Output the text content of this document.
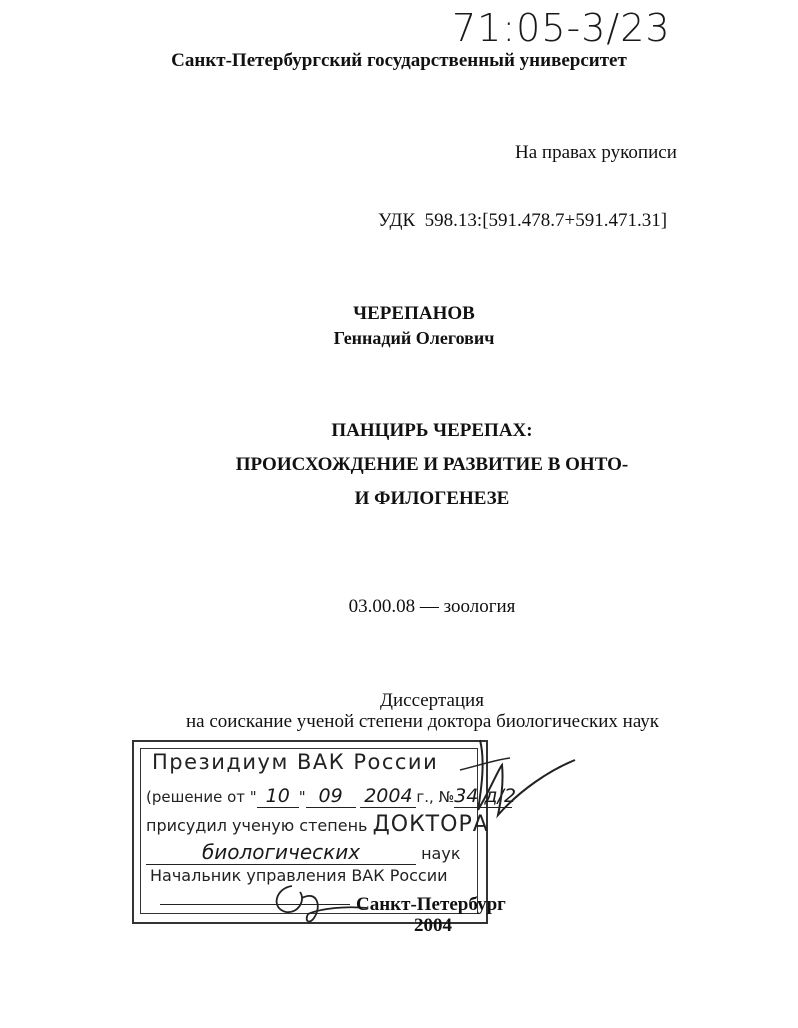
71:05-3/23
Санкт-Петербургский государственный университет
На правах рукописи
УДК  598.13:[591.478.7+591.471.31]
ЧЕРЕПАНОВ
Геннадий Олегович
ПАНЦИРЬ ЧЕРЕПАХ:
ПРОИСХОЖДЕНИЕ И РАЗВИТИЕ В ОНТО-
И ФИЛОГЕНЕЗЕ
03.00.08 — зоология
Диссертация
на соискание ученой степени доктора биологических наук
Президиум ВАК России
(решение от " 10 " 09 2004 г., №34 д/2
присудил ученую степень ДОКТОРА
биологических	наук
Начальник управления ВАК России
Санкт-Петербург
2004
